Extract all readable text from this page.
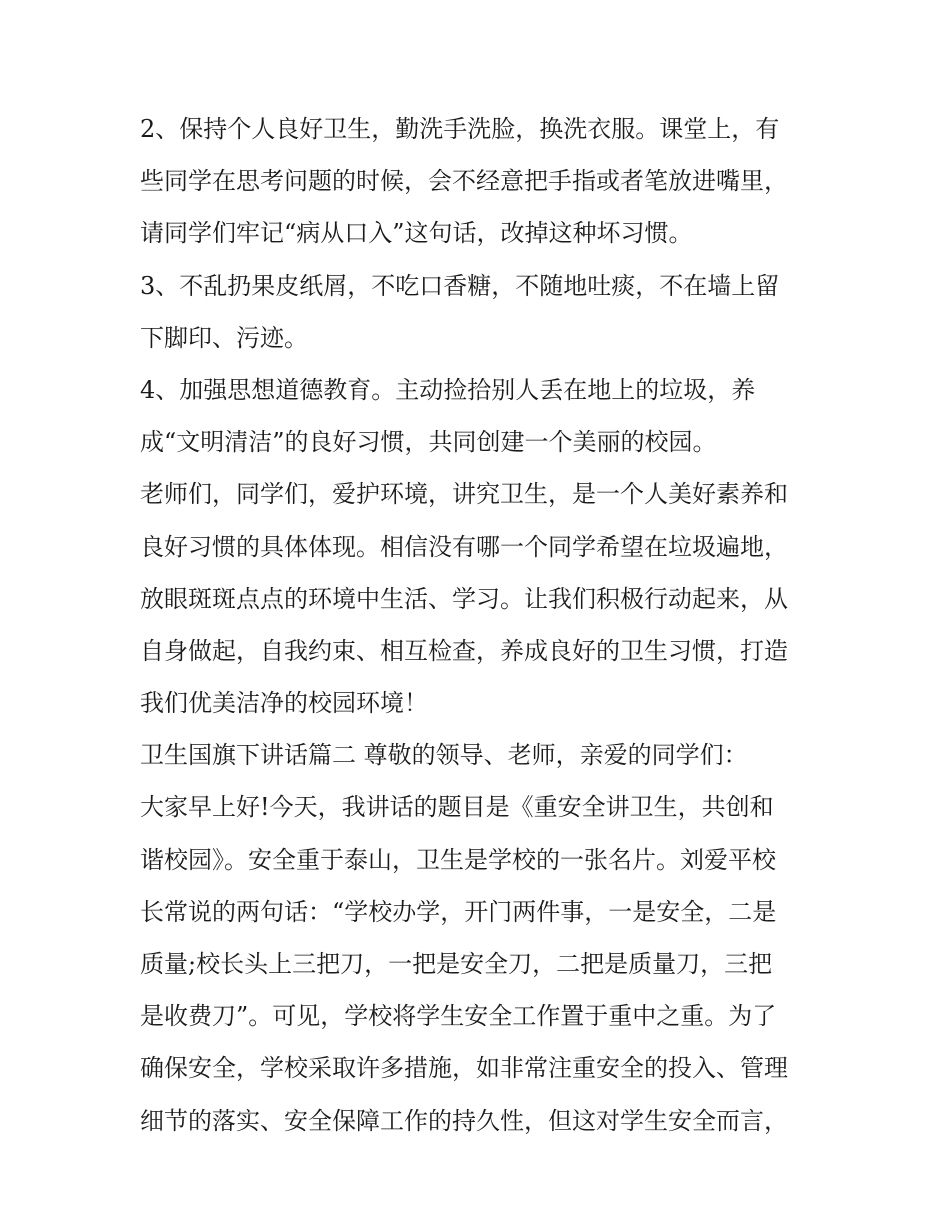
2、保持个人良好卫生，勤洗手洗脸，换洗衣服。课堂上，有
些同学在思考问题的时候，会不经意把手指或者笔放进嘴里，
请同学们牢记“病从口入”这句话，改掉这种坏习惯。
3、不乱扔果皮纸屑，不吃口香糖，不随地吐痰，不在墙上留
下脚印、污迹。
4、加强思想道德教育。主动捡拾别人丢在地上的垃圾，养
成“文明清洁”的良好习惯，共同创建一个美丽的校园。
老师们，同学们，爱护环境，讲究卫生，是一个人美好素养和
良好习惯的具体体现。相信没有哪一个同学希望在垃圾遍地，
放眼斑斑点点的环境中生活、学习。让我们积极行动起来，从
自身做起，自我约束、相互检查，养成良好的卫生习惯，打造
我们优美洁净的校园环境！
卫生国旗下讲话篇二 尊敬的领导、老师，亲爱的同学们：
大家早上好!今天，我讲话的题目是《重安全讲卫生，共创和
谐校园》。安全重于泰山，卫生是学校的一张名片。刘爱平校
长常说的两句话：“学校办学，开门两件事，一是安全，二是
质量;校长头上三把刀，一把是安全刀，二把是质量刀，三把
是收费刀”。可见，学校将学生安全工作置于重中之重。为了
确保安全，学校采取许多措施，如非常注重安全的投入、管理
细节的落实、安全保障工作的持久性，但这对学生安全而言，
